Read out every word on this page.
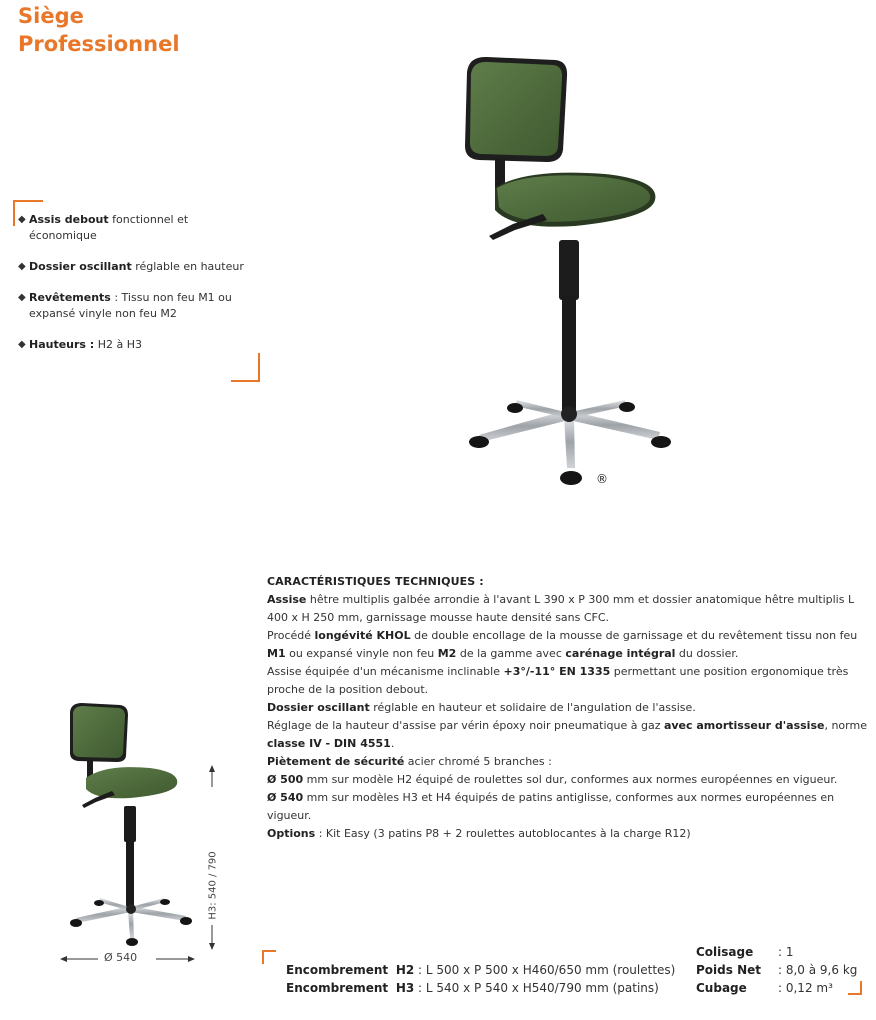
Siège
Professionnel
◆ Assis debout fonctionnel et économique
◆ Dossier oscillant réglable en hauteur
◆ Revêtements : Tissu non feu M1 ou expansé vinyle non feu M2
◆ Hauteurs : H2 à H3
®

CARACTÉRISTIQUES TECHNIQUES :

Assise hêtre multiplis galbée arrondie à l'avant L 390 x P 300 mm et dossier anatomique hêtre multiplis L 400 x H 250 mm, garnissage mousse haute densité sans CFC.

Procédé longévité KHOL de double encollage de la mousse de garnissage et du revêtement tissu non feu M1 ou expansé vinyle non feu M2 de la gamme avec carénage intégral du dossier.

Assise équipée d'un mécanisme inclinable +3°/-11° EN 1335 permettant une position ergonomique très proche de la position debout.

Dossier oscillant réglable en hauteur et solidaire de l'angulation de l'assise.

Réglage de la hauteur d'assise par vérin époxy noir pneumatique à gaz avec amortisseur d'assise, norme classe IV - DIN 4551.

Piètement de sécurité acier chromé 5 branches :

Ø 500 mm sur modèle H2 équipé de roulettes sol dur, conformes aux normes européennes en vigueur.

Ø 540 mm sur modèles H3 et H4 équipés de patins antiglisse, conformes aux normes européennes en vigueur.

Options : Kit Easy (3 patins P8 + 2 roulettes autoblocantes à la charge R12)

H3: 540 / 790
Ø 540
Encombrement H2 : L 500 x P 500 x H460/650 mm (roulettes)
Encombrement H3 : L 540 x P 540 x H540/790 mm (patins)
Colisage	: 1
Poids Net	: 8,0 à 9,6 kg
Cubage	: 0,12 m³
